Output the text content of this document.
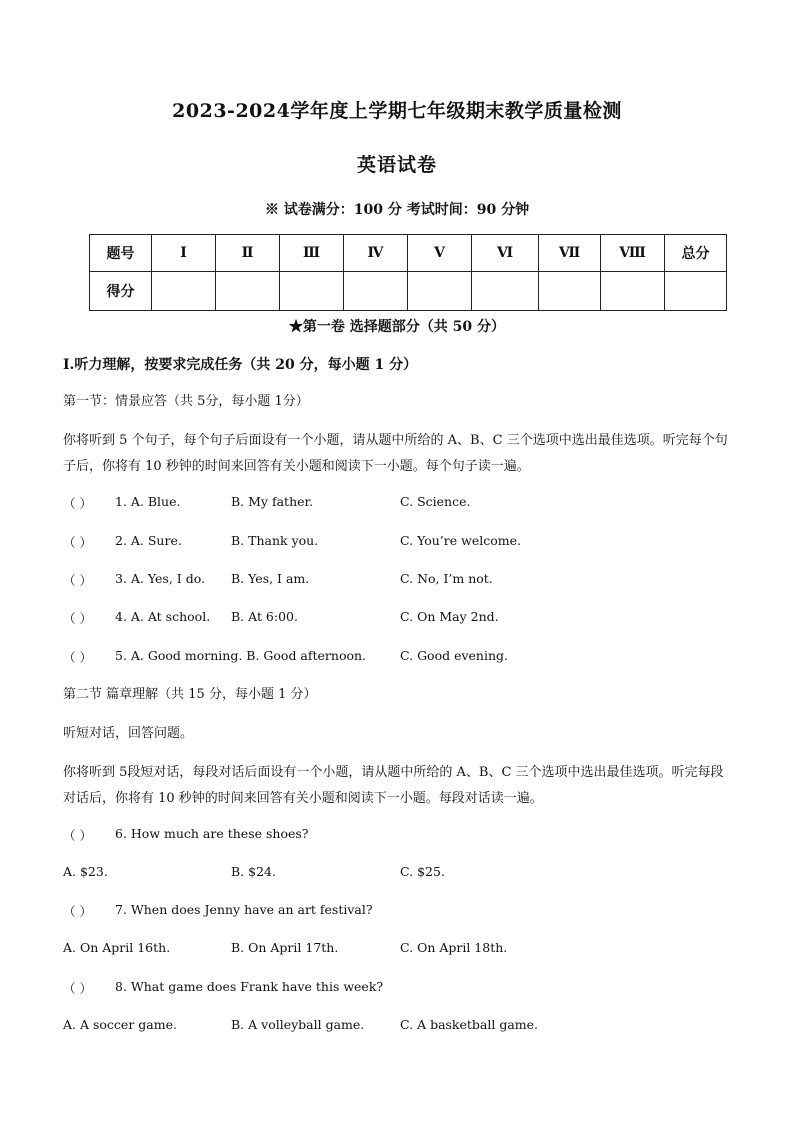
2023-2024学年度上学期七年级期末教学质量检测
英语试卷
※ 试卷满分：100 分 考试时间：90 分钟
题号	Ⅰ	Ⅱ	Ⅲ	Ⅳ	Ⅴ	Ⅵ	Ⅶ	Ⅷ	总分
得分									
★第一卷 选择题部分（共 50 分）
Ⅰ.听力理解，按要求完成任务（共 20 分，每小题 1 分）
第一节：情景应答（共 5分，每小题 1分）
你将听到 5 个句子，每个句子后面设有一个小题，请从题中所给的 A、B、C 三个选项中选出最佳选项。听完每个句子后，你将有 10 秒钟的时间来回答有关小题和阅读下一小题。每个句子读一遍。
（ ） 1. A. Blue.	B. My father.	C. Science.
（ ） 2. A. Sure.	B. Thank you.	C. You’re welcome.
（ ） 3. A. Yes, I do. B. Yes, I am.	C. No, I’m not.
（ ） 4. A. At school. B. At 6:00.	C. On May 2nd.
（ ） 5. A. Good morning. B. Good afternoon.	C. Good evening.
第二节 篇章理解（共 15 分，每小题 1 分）
听短对话，回答问题。
你将听到 5段短对话，每段对话后面设有一个小题，请从题中所给的 A、B、C 三个选项中选出最佳选项。听完每段对话后，你将有 10 秒钟的时间来回答有关小题和阅读下一小题。每段对话读一遍。
（ ） 6. How much are these shoes?
A. $23.	B. $24.	C. $25.
（ ） 7. When does Jenny have an art festival?
A. On April 16th.	B. On April 17th.	C. On April 18th.
（ ） 8. What game does Frank have this week?
A. A soccer game.	B. A volleyball game.	C. A basketball game.
